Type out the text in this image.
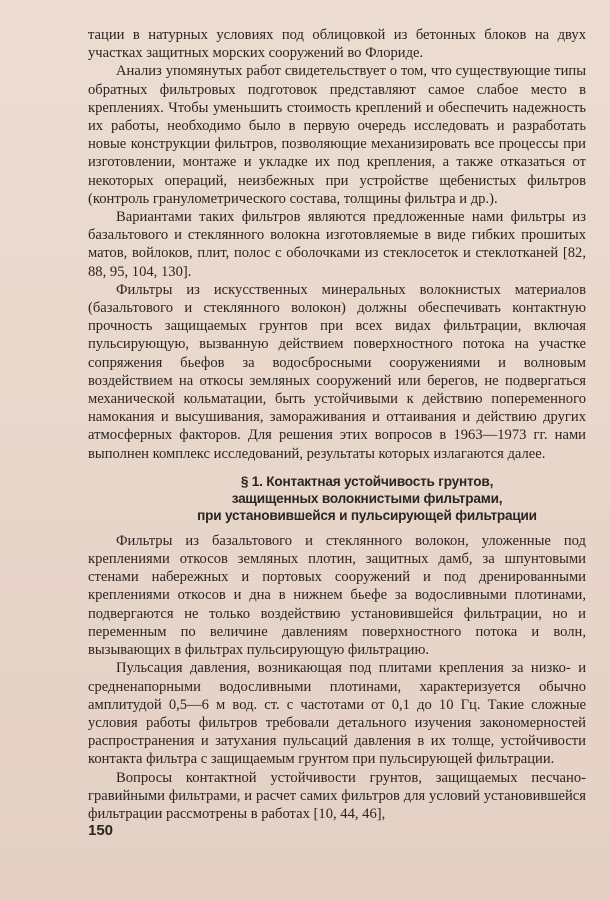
тации в натурных условиях под облицовкой из бетонных блоков на двух участках защитных морских сооружений во Флориде.

Анализ упомянутых работ свидетельствует о том, что существующие типы обратных фильтровых подготовок представляют самое слабое место в креплениях. Чтобы уменьшить стоимость креплений и обеспечить надежность их работы, необходимо было в первую очередь исследовать и разработать новые конструкции фильтров, позволяющие механизировать все процессы при изготовлении, монтаже и укладке их под крепления, а также отказаться от некоторых операций, неизбежных при устройстве щебенистых фильтров (контроль гранулометрического состава, толщины фильтра и др.).

Вариантами таких фильтров являются предложенные нами фильтры из базальтового и стеклянного волокна изготовляемые в виде гибких прошитых матов, войлоков, плит, полос с оболочками из стеклосеток и стеклотканей [82, 88, 95, 104, 130].

Фильтры из искусственных минеральных волокнистых материалов (базальтового и стеклянного волокон) должны обеспечивать контактную прочность защищаемых грунтов при всех видах фильтрации, включая пульсирующую, вызванную действием поверхностного потока на участке сопряжения бьефов за водосбросными сооружениями и волновым воздействием на откосы земляных сооружений или берегов, не подвергаться механической кольматации, быть устойчивыми к действию попеременного намокания и высушивания, замораживания и оттаивания и действию других атмосферных факторов. Для решения этих вопросов в 1963—1973 гг. нами выполнен комплекс исследований, результаты которых излагаются далее.

§ 1. Контактная устойчивость грунтов,
защищенных волокнистыми фильтрами,
при установившейся и пульсирующей фильтрации

Фильтры из базальтового и стеклянного волокон, уложенные под креплениями откосов земляных плотин, защитных дамб, за шпунтовыми стенами набережных и портовых сооружений и под дренированными креплениями откосов и дна в нижнем бьефе за водосливными плотинами, подвергаются не только воздействию установившейся фильтрации, но и переменным по величине давлениям поверхностного потока и волн, вызывающих в фильтрах пульсирующую фильтрацию.

Пульсация давления, возникающая под плитами крепления за низко- и средненапорными водосливными плотинами, характеризуется обычно амплитудой 0,5—6 м вод. ст. с частотами от 0,1 до 10 Гц. Такие сложные условия работы фильтров требовали детального изучения закономерностей распространения и затухания пульсаций давления в их толще, устойчивости контакта фильтра с защищаемым грунтом при пульсирующей фильтрации.

Вопросы контактной устойчивости грунтов, защищаемых песчано-гравийными фильтрами, и расчет самих фильтров для условий установившейся фильтрации рассмотрены в работах [10, 44, 46],

150
